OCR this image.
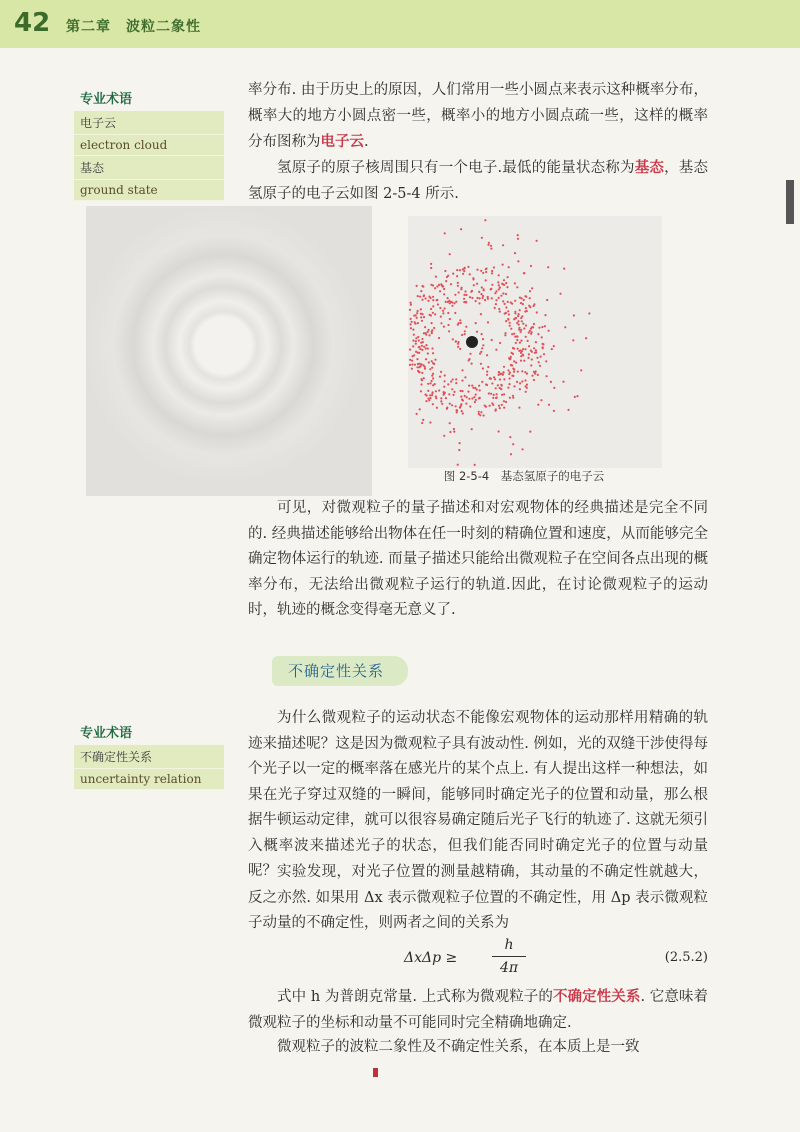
42 第二章　波粒二象性
专业术语
电子云
electron cloud
基态
ground state

率分布. 由于历史上的原因，人们常用一些小圆点来表示这种概率分布，概率大的地方小圆点密一些，概率小的地方小圆点疏一些，这样的概率分布图称为电子云.

氢原子的原子核周围只有一个电子.最低的能量状态称为基态，基态氢原子的电子云如图 2-5-4 所示.

图 2-5-4　基态氢原子的电子云

可见，对微观粒子的量子描述和对宏观物体的经典描述是完全不同的. 经典描述能够给出物体在任一时刻的精确位置和速度，从而能够完全确定物体运行的轨迹. 而量子描述只能给出微观粒子在空间各点出现的概率分布，无法给出微观粒子运行的轨道.因此，在讨论微观粒子的运动时，轨迹的概念变得毫无意义了.

不确定性关系
专业术语
不确定性关系
uncertainty relation

为什么微观粒子的运动状态不能像宏观物体的运动那样用精确的轨迹来描述呢？这是因为微观粒子具有波动性. 例如，光的双缝干涉使得每个光子以一定的概率落在感光片的某个点上. 有人提出这样一种想法，如果在光子穿过双缝的一瞬间，能够同时确定光子的位置和动量，那么根据牛顿运动定律，就可以很容易确定随后光子飞行的轨迹了. 这就无须引入概率波来描述光子的状态，但我们能否同时确定光子的位置与动量呢？ 实验发现，对光子位置的测量越精确，其动量的不确定性就越大，反之亦然. 如果用 Δx 表示微观粒子位置的不确定性，用 Δp 表示微观粒子动量的不确定性，则两者之间的关系为

ΔxΔp ≥
h
4π
(2.5.2)

式中 h 为普朗克常量. 上式称为微观粒子的不确定性关系. 它意味着微观粒子的坐标和动量不可能同时完全精确地确定.

微观粒子的波粒二象性及不确定性关系，在本质上是一致
